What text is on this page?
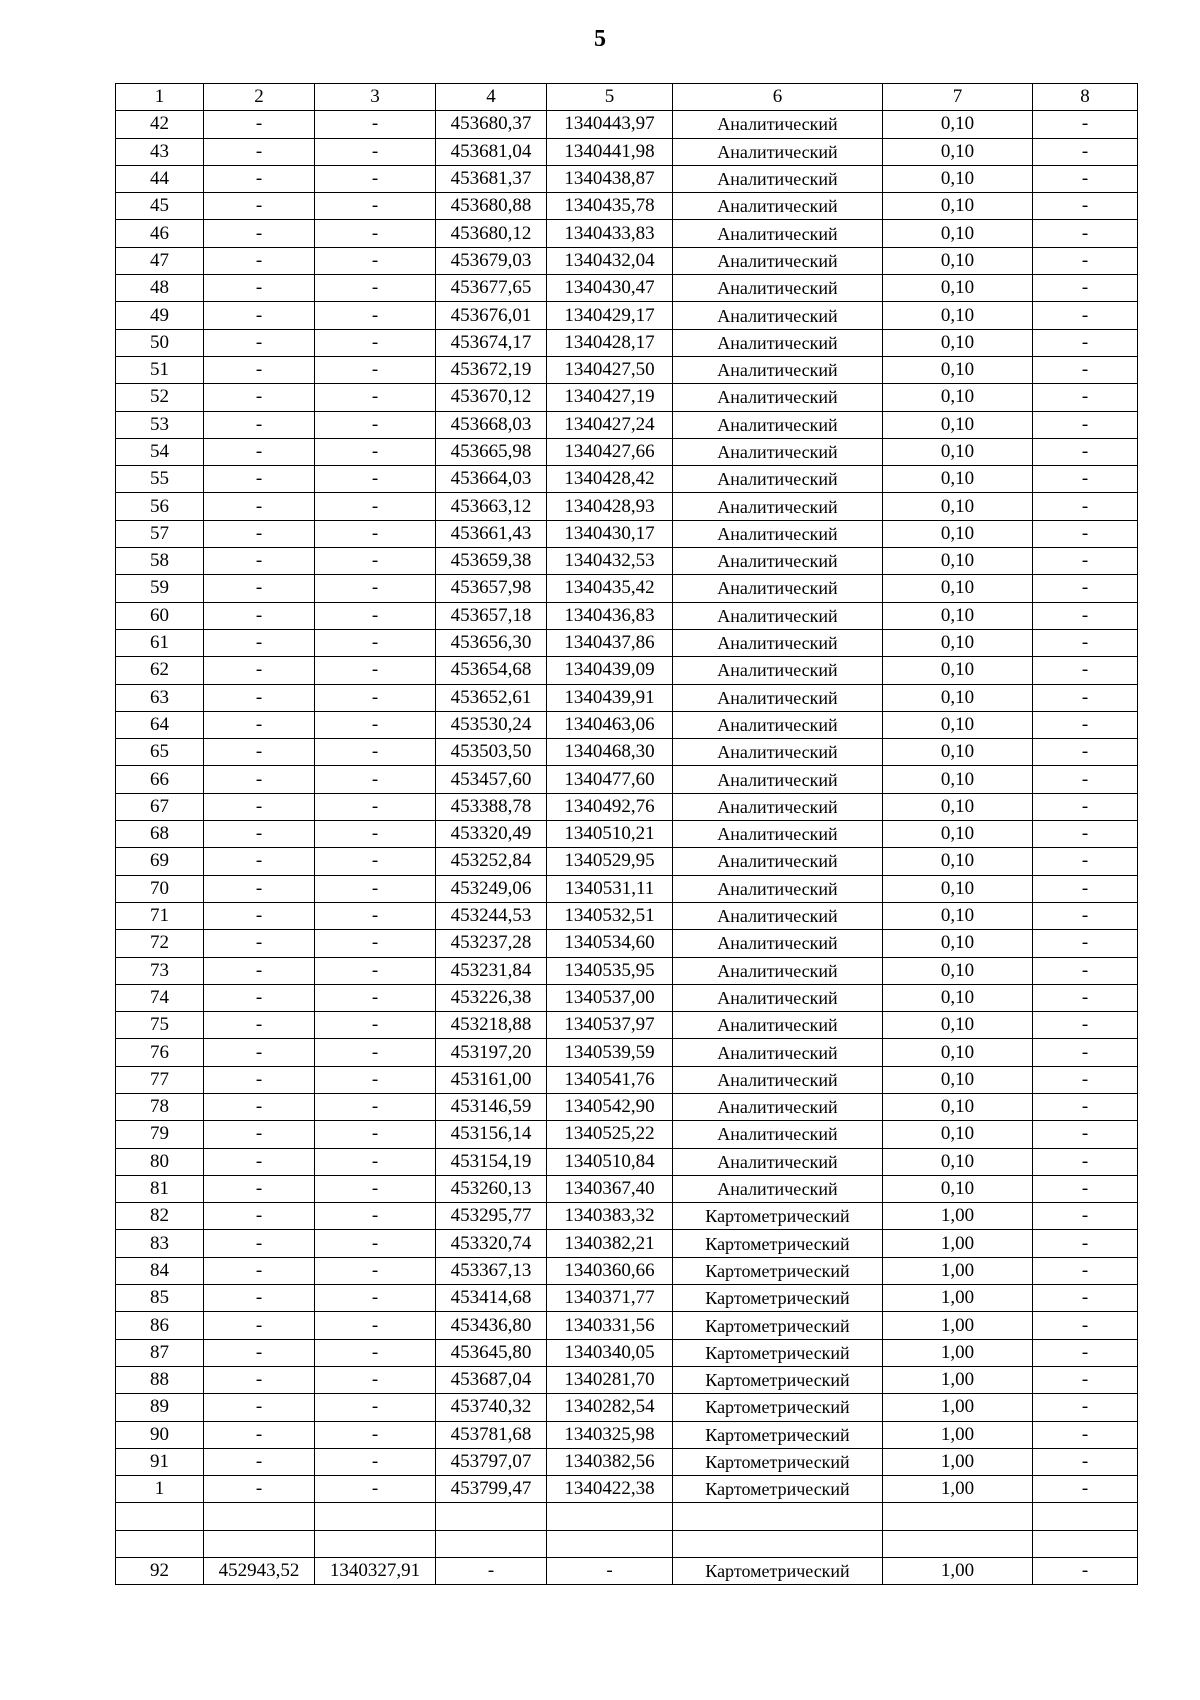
5
1	2	3	4	5	6	7	8
42	-	-	453680,37	1340443,97	Аналитический	0,10	-
43	-	-	453681,04	1340441,98	Аналитический	0,10	-
44	-	-	453681,37	1340438,87	Аналитический	0,10	-
45	-	-	453680,88	1340435,78	Аналитический	0,10	-
46	-	-	453680,12	1340433,83	Аналитический	0,10	-
47	-	-	453679,03	1340432,04	Аналитический	0,10	-
48	-	-	453677,65	1340430,47	Аналитический	0,10	-
49	-	-	453676,01	1340429,17	Аналитический	0,10	-
50	-	-	453674,17	1340428,17	Аналитический	0,10	-
51	-	-	453672,19	1340427,50	Аналитический	0,10	-
52	-	-	453670,12	1340427,19	Аналитический	0,10	-
53	-	-	453668,03	1340427,24	Аналитический	0,10	-
54	-	-	453665,98	1340427,66	Аналитический	0,10	-
55	-	-	453664,03	1340428,42	Аналитический	0,10	-
56	-	-	453663,12	1340428,93	Аналитический	0,10	-
57	-	-	453661,43	1340430,17	Аналитический	0,10	-
58	-	-	453659,38	1340432,53	Аналитический	0,10	-
59	-	-	453657,98	1340435,42	Аналитический	0,10	-
60	-	-	453657,18	1340436,83	Аналитический	0,10	-
61	-	-	453656,30	1340437,86	Аналитический	0,10	-
62	-	-	453654,68	1340439,09	Аналитический	0,10	-
63	-	-	453652,61	1340439,91	Аналитический	0,10	-
64	-	-	453530,24	1340463,06	Аналитический	0,10	-
65	-	-	453503,50	1340468,30	Аналитический	0,10	-
66	-	-	453457,60	1340477,60	Аналитический	0,10	-
67	-	-	453388,78	1340492,76	Аналитический	0,10	-
68	-	-	453320,49	1340510,21	Аналитический	0,10	-
69	-	-	453252,84	1340529,95	Аналитический	0,10	-
70	-	-	453249,06	1340531,11	Аналитический	0,10	-
71	-	-	453244,53	1340532,51	Аналитический	0,10	-
72	-	-	453237,28	1340534,60	Аналитический	0,10	-
73	-	-	453231,84	1340535,95	Аналитический	0,10	-
74	-	-	453226,38	1340537,00	Аналитический	0,10	-
75	-	-	453218,88	1340537,97	Аналитический	0,10	-
76	-	-	453197,20	1340539,59	Аналитический	0,10	-
77	-	-	453161,00	1340541,76	Аналитический	0,10	-
78	-	-	453146,59	1340542,90	Аналитический	0,10	-
79	-	-	453156,14	1340525,22	Аналитический	0,10	-
80	-	-	453154,19	1340510,84	Аналитический	0,10	-
81	-	-	453260,13	1340367,40	Аналитический	0,10	-
82	-	-	453295,77	1340383,32	Картометрический	1,00	-
83	-	-	453320,74	1340382,21	Картометрический	1,00	-
84	-	-	453367,13	1340360,66	Картометрический	1,00	-
85	-	-	453414,68	1340371,77	Картометрический	1,00	-
86	-	-	453436,80	1340331,56	Картометрический	1,00	-
87	-	-	453645,80	1340340,05	Картометрический	1,00	-
88	-	-	453687,04	1340281,70	Картометрический	1,00	-
89	-	-	453740,32	1340282,54	Картометрический	1,00	-
90	-	-	453781,68	1340325,98	Картометрический	1,00	-
91	-	-	453797,07	1340382,56	Картометрический	1,00	-
1	-	-	453799,47	1340422,38	Картометрический	1,00	-

92	452943,52	1340327,91	-	-	Картометрический	1,00	-
